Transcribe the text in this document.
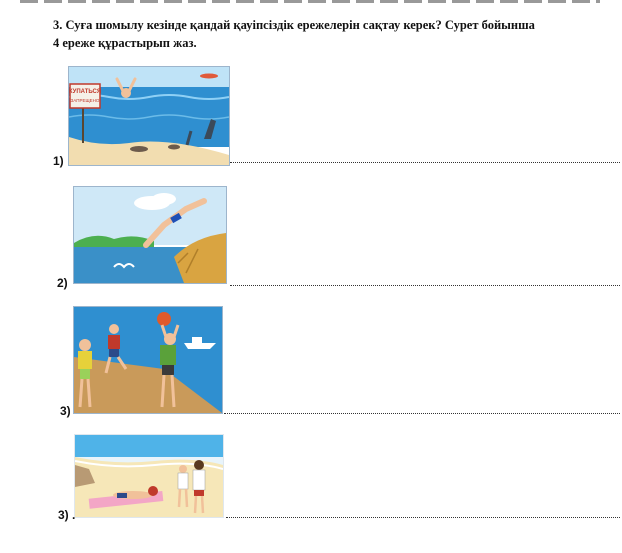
3. Суға шомылу кезінде қандай қауіпсіздік ережелерін сақтау керек? Сурет бойынша
4 ереже құрастырып жаз.
КУПАТЬСЯ
ЗАПРЕЩЕНО
1)
2)
3)
3) .
